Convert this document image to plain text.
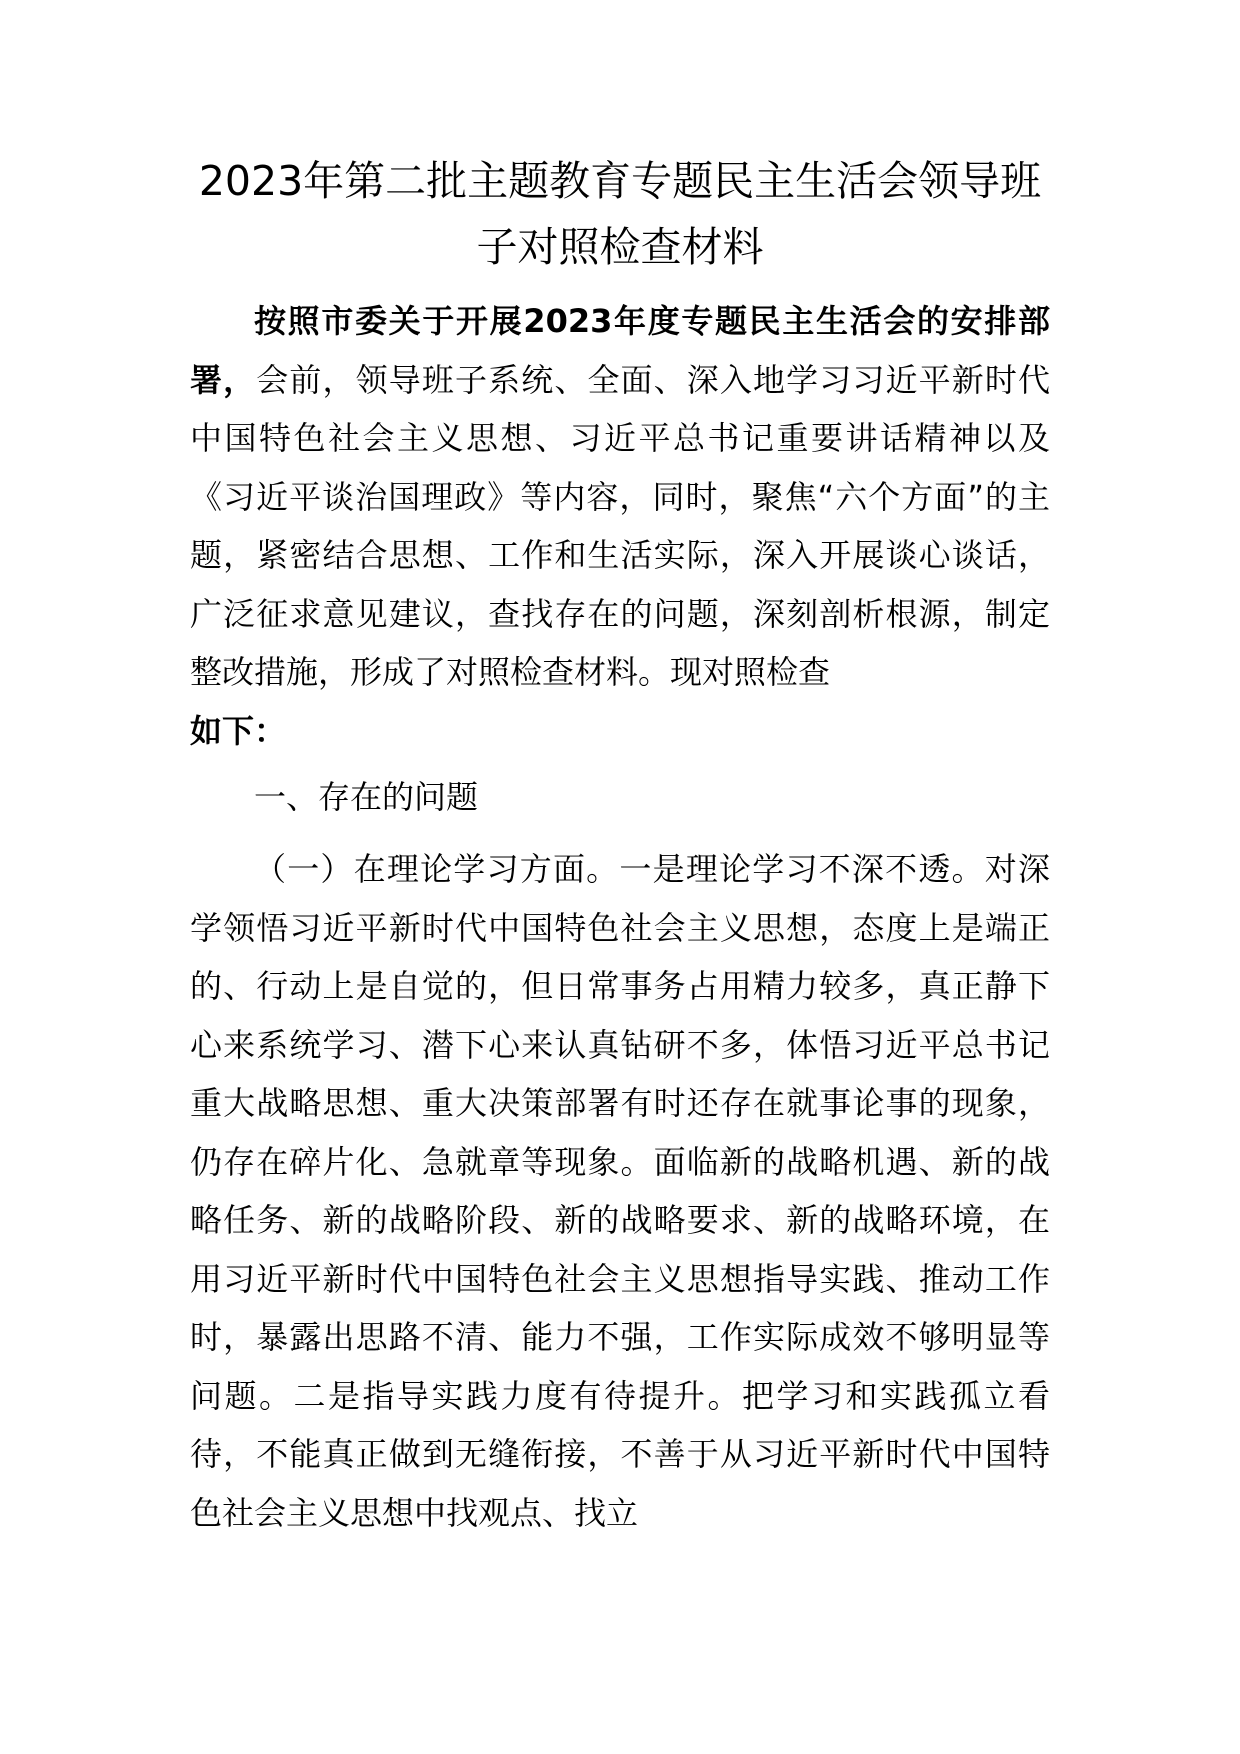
2023年第二批主题教育专题民主生活会领导班子对照检查材料

按照市委关于开展2023年度专题民主生活会的安排部署，会前，领导班子系统、全面、深入地学习习近平新时代中国特色社会主义思想、习近平总书记重要讲话精神以及《习近平谈治国理政》等内容，同时，聚焦“六个方面”的主题，紧密结合思想、工作和生活实际，深入开展谈心谈话，广泛征求意见建议，查找存在的问题，深刻剖析根源，制定整改措施，形成了对照检查材料。现对照检查
如下：

一、存在的问题

（一）在理论学习方面。一是理论学习不深不透。对深学领悟习近平新时代中国特色社会主义思想，态度上是端正的、行动上是自觉的，但日常事务占用精力较多，真正静下心来系统学习、潜下心来认真钻研不多，体悟习近平总书记重大战略思想、重大决策部署有时还存在就事论事的现象，仍存在碎片化、急就章等现象。面临新的战略机遇、新的战略任务、新的战略阶段、新的战略要求、新的战略环境，在用习近平新时代中国特色社会主义思想指导实践、推动工作时，暴露出思路不清、能力不强，工作实际成效不够明显等问题。二是指导实践力度有待提升。把学习和实践孤立看待，不能真正做到无缝衔接，不善于从习近平新时代中国特色社会主义思想中找观点、找立
